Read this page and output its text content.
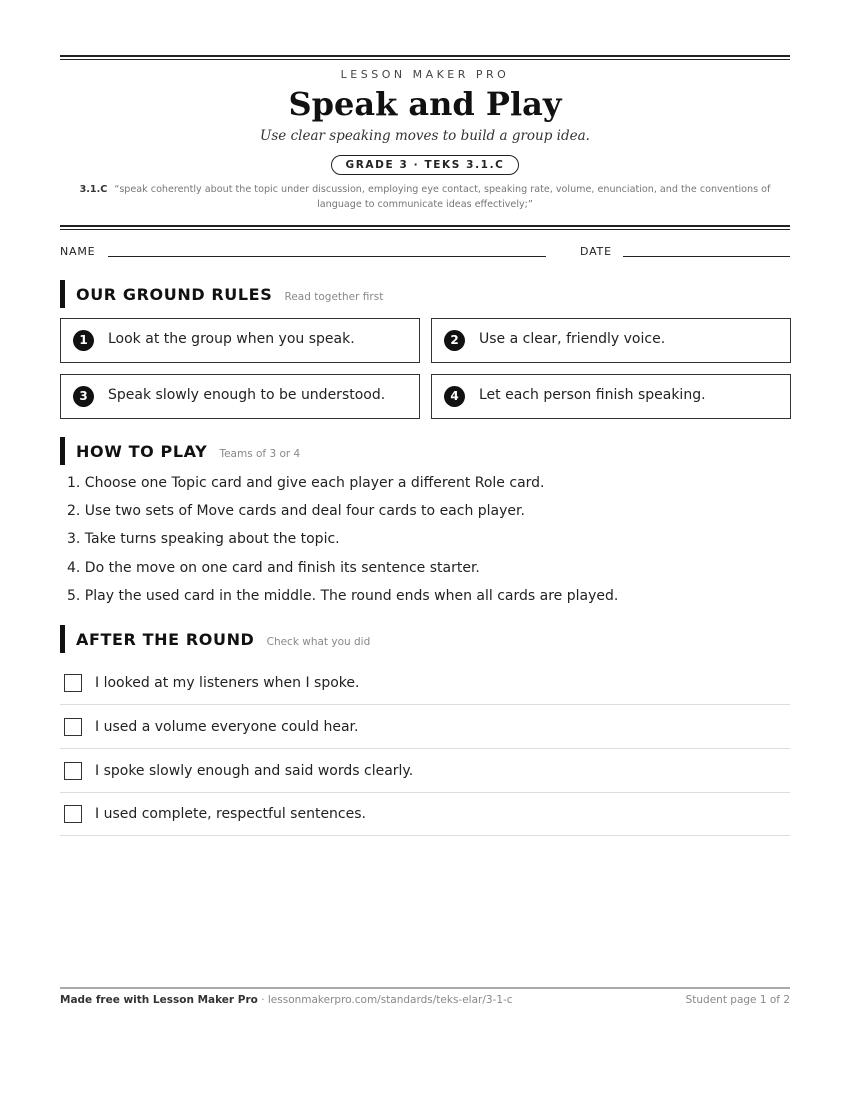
LESSON MAKER PRO
Speak and Play
Use clear speaking moves to build a group idea.
GRADE 3 · TEKS 3.1.C
3.1.C “speak coherently about the topic under discussion, employing eye contact, speaking rate, volume, enunciation, and the conventions of language to communicate ideas effectively;”
NAME	DATE
OUR GROUND RULES Read together first
1	Look at the group when you speak.	2	Use a clear, friendly voice.
3	Speak slowly enough to be understood.	4	Let each person finish speaking.
HOW TO PLAY Teams of 3 or 4
1. Choose one Topic card and give each player a different Role card.
2. Use two sets of Move cards and deal four cards to each player.
3. Take turns speaking about the topic.
4. Do the move on one card and finish its sentence starter.
5. Play the used card in the middle. The round ends when all cards are played.
AFTER THE ROUND Check what you did
I looked at my listeners when I spoke.
I used a volume everyone could hear.
I spoke slowly enough and said words clearly.
I used complete, respectful sentences.
Made free with Lesson Maker Pro · lessonmakerpro.com/standards/teks-elar/3-1-c	Student page 1 of 2
